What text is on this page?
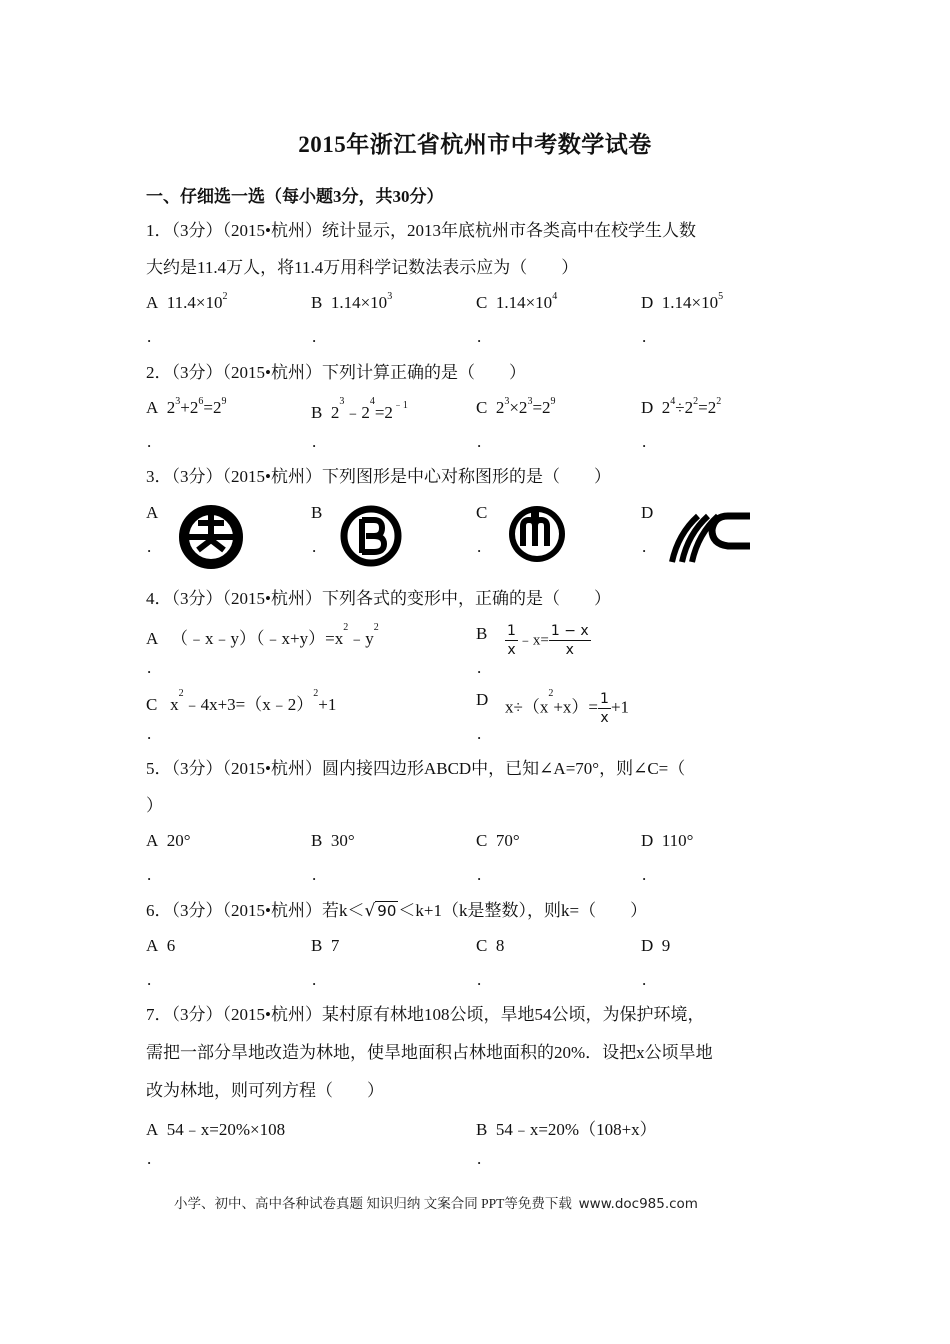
2015年浙江省杭州市中考数学试卷
一、仔细选一选（每小题3分，共30分）
1．（3分）（2015•杭州）统计显示，2013年底杭州市各类高中在校学生人数
大约是11.4万人，将11.4万用科学记数法表示应为（　　）
A $11.4\times 10^2$	B $1.14\times 10^3$	C $1.14\times 10^4$	D $1.14\times 10^5$
.	.	.	.
2．（3分）（2015•杭州）下列计算正确的是（　　）
A $2^3+2^6=2^9$
B $2^3﹣2^4=2^{﹣1}$	C $2^3\times 2^3=2^9$	D $2^4\div 2^2=2^2$
.	.	.	.
3．（3分）（2015•杭州）下列图形是中心对称图形的是（　　）
A
.
B
.
C
.
D
.
4．（3分）（2015•杭州）下列各式的变形中，正确的是（　　）
A $(﹣x﹣y)(﹣x+y)=x^2﹣y^2$
.
B $\frac{1}{x}$ ﹣x= $\frac{1 - x}{x}$
.
C $x^2﹣4x+3=(x﹣2)^2+1$
.
D $x\div(x^2+x)= \frac{1}{x} +1$
.
5．（3分）（2015•杭州）圆内接四边形ABCD中，已知∠A=70°，则∠C=（
）
A 20°	B 30°	C 70°	D 110°
.	.	.	.
6．（3分）（2015•杭州）若k＜√ 90 ＜k+1（k是整数），则k=（　　）
A 6	B 7	C 8	D 9
.	.	.	.
7．（3分）（2015•杭州）某村原有林地108公顷，旱地54公顷，为保护环境，
需把一部分旱地改造为林地，使旱地面积占林地面积的20%．设把x公顷旱地
改为林地，则可列方程（　　）
A 54﹣x=20%×108	B 54﹣x=20%（108+x）
.	.
小学、初中、高中各种试卷真题 知识归纳 文案合同 PPT等免费下载 www.doc985.com
